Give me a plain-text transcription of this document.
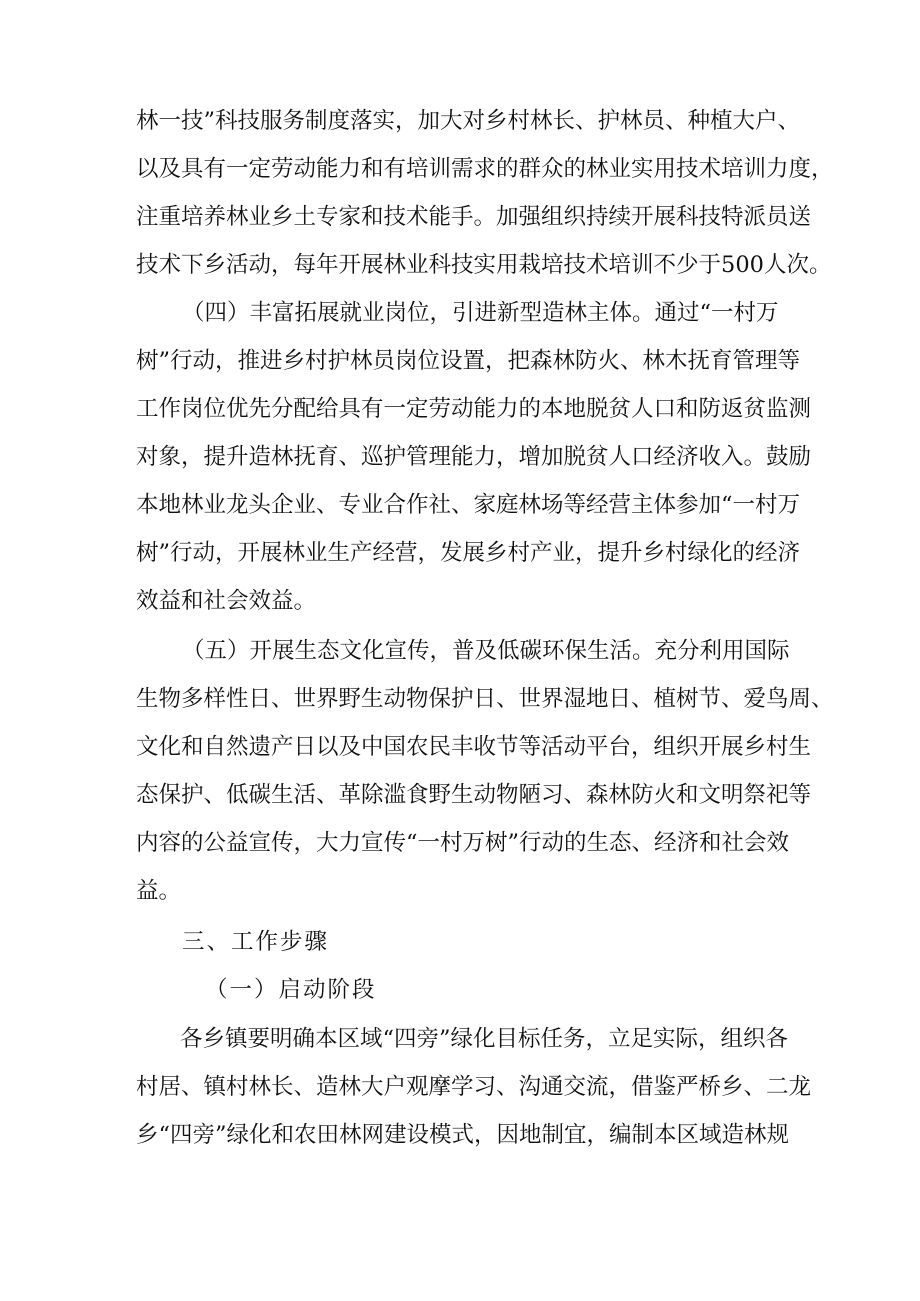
林一技”科技服务制度落实，加大对乡村林长、护林员、种植大户、
以及具有一定劳动能力和有培训需求的群众的林业实用技术培训力度，
注重培养林业乡土专家和技术能手。加强组织持续开展科技特派员送
技术下乡活动，每年开展林业科技实用栽培技术培训不少于500人次。
（四）丰富拓展就业岗位，引进新型造林主体。通过“一村万
树”行动，推进乡村护林员岗位设置，把森林防火、林木抚育管理等
工作岗位优先分配给具有一定劳动能力的本地脱贫人口和防返贫监测
对象，提升造林抚育、巡护管理能力，增加脱贫人口经济收入。鼓励
本地林业龙头企业、专业合作社、家庭林场等经营主体参加“一村万
树”行动，开展林业生产经营，发展乡村产业，提升乡村绿化的经济
效益和社会效益。
（五）开展生态文化宣传，普及低碳环保生活。充分利用国际
生物多样性日、世界野生动物保护日、世界湿地日、植树节、爱鸟周、
文化和自然遗产日以及中国农民丰收节等活动平台，组织开展乡村生
态保护、低碳生活、革除滥食野生动物陋习、森林防火和文明祭祀等
内容的公益宣传，大力宣传“一村万树”行动的生态、经济和社会效
益。
三、工作步骤
（一）启动阶段
各乡镇要明确本区域“四旁”绿化目标任务，立足实际，组织各
村居、镇村林长、造林大户观摩学习、沟通交流，借鉴严桥乡、二龙
乡“四旁”绿化和农田林网建设模式，因地制宜，编制本区域造林规
